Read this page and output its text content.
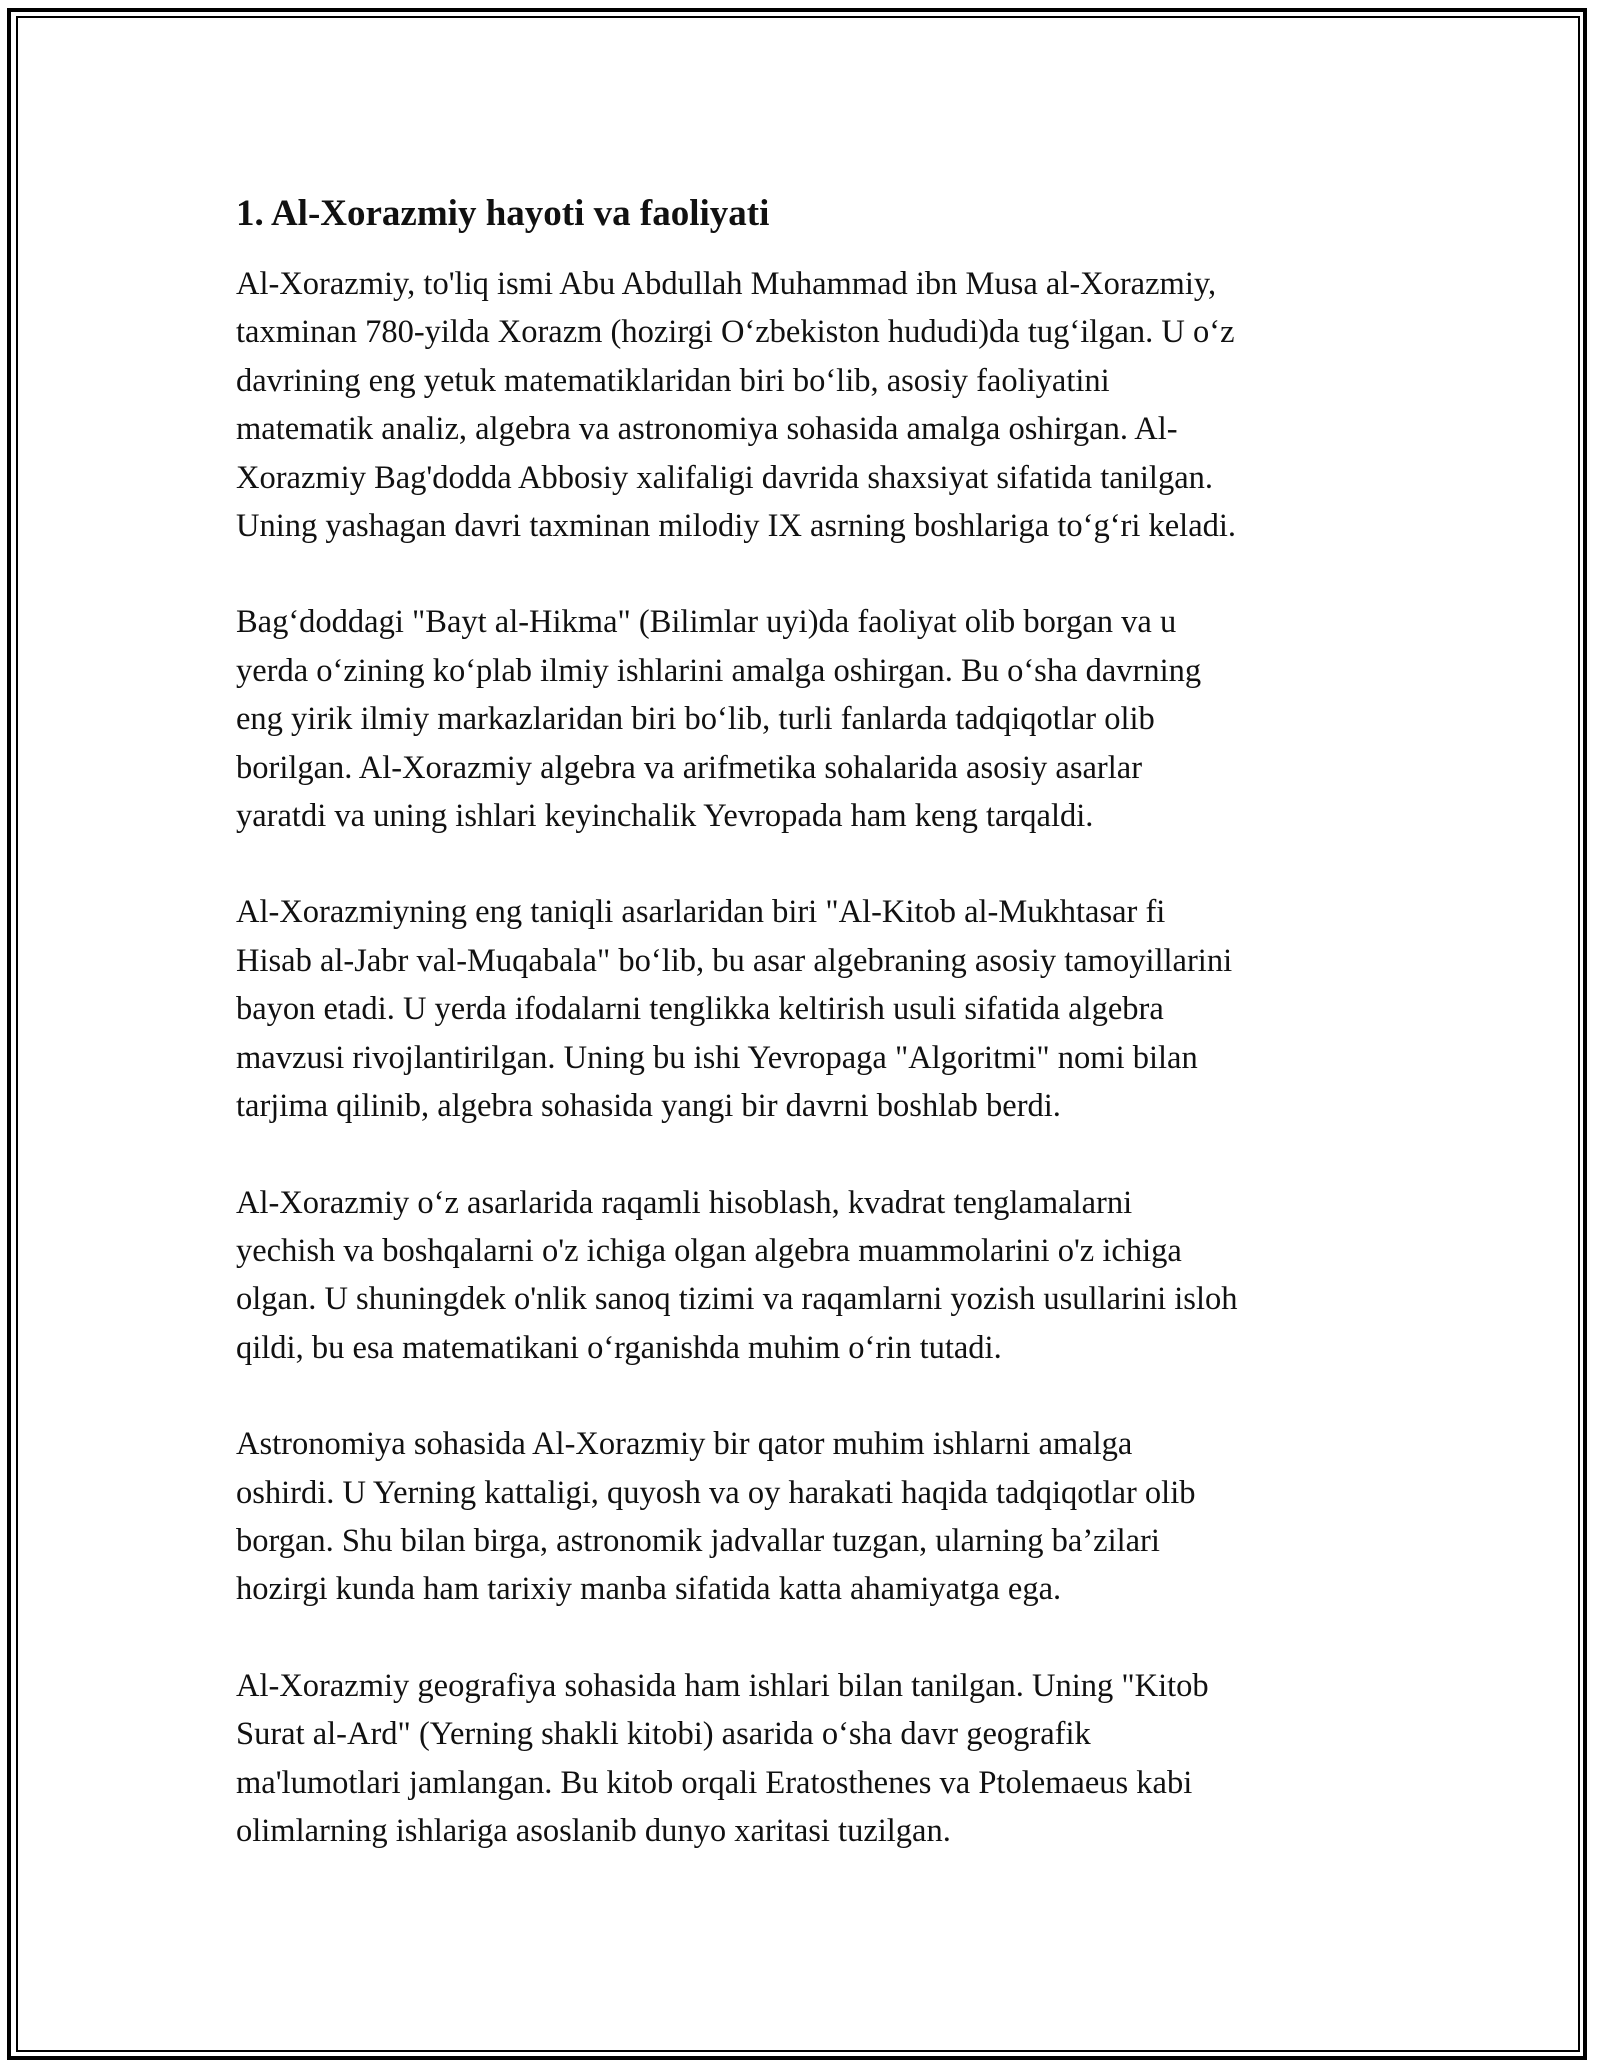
1. Al-Xorazmiy hayoti va faoliyati

Al-Xorazmiy, to'liq ismi Abu Abdullah Muhammad ibn Musa al-Xorazmiy,
taxminan 780-yilda Xorazm (hozirgi O‘zbekiston hududi)da tug‘ilgan. U o‘z
davrining eng yetuk matematiklaridan biri bo‘lib, asosiy faoliyatini
matematik analiz, algebra va astronomiya sohasida amalga oshirgan. Al-
Xorazmiy Bag'dodda Abbosiy xalifaligi davrida shaxsiyat sifatida tanilgan.
Uning yashagan davri taxminan milodiy IX asrning boshlariga to‘g‘ri keladi.

Bag‘doddagi "Bayt al-Hikma" (Bilimlar uyi)da faoliyat olib borgan va u
yerda o‘zining ko‘plab ilmiy ishlarini amalga oshirgan. Bu o‘sha davrning
eng yirik ilmiy markazlaridan biri bo‘lib, turli fanlarda tadqiqotlar olib
borilgan. Al-Xorazmiy algebra va arifmetika sohalarida asosiy asarlar
yaratdi va uning ishlari keyinchalik Yevropada ham keng tarqaldi.

Al-Xorazmiyning eng taniqli asarlaridan biri "Al-Kitob al-Mukhtasar fi
Hisab al-Jabr val-Muqabala" bo‘lib, bu asar algebraning asosiy tamoyillarini
bayon etadi. U yerda ifodalarni tenglikka keltirish usuli sifatida algebra
mavzusi rivojlantirilgan. Uning bu ishi Yevropaga "Algoritmi" nomi bilan
tarjima qilinib, algebra sohasida yangi bir davrni boshlab berdi.

Al-Xorazmiy o‘z asarlarida raqamli hisoblash, kvadrat tenglamalarni
yechish va boshqalarni o'z ichiga olgan algebra muammolarini o'z ichiga
olgan. U shuningdek o'nlik sanoq tizimi va raqamlarni yozish usullarini isloh
qildi, bu esa matematikani o‘rganishda muhim o‘rin tutadi.

Astronomiya sohasida Al-Xorazmiy bir qator muhim ishlarni amalga
oshirdi. U Yerning kattaligi, quyosh va oy harakati haqida tadqiqotlar olib
borgan. Shu bilan birga, astronomik jadvallar tuzgan, ularning ba’zilari
hozirgi kunda ham tarixiy manba sifatida katta ahamiyatga ega.

Al-Xorazmiy geografiya sohasida ham ishlari bilan tanilgan. Uning "Kitob
Surat al-Ard" (Yerning shakli kitobi) asarida o‘sha davr geografik
ma'lumotlari jamlangan. Bu kitob orqali Eratosthenes va Ptolemaeus kabi
olimlarning ishlariga asoslanib dunyo xaritasi tuzilgan.
